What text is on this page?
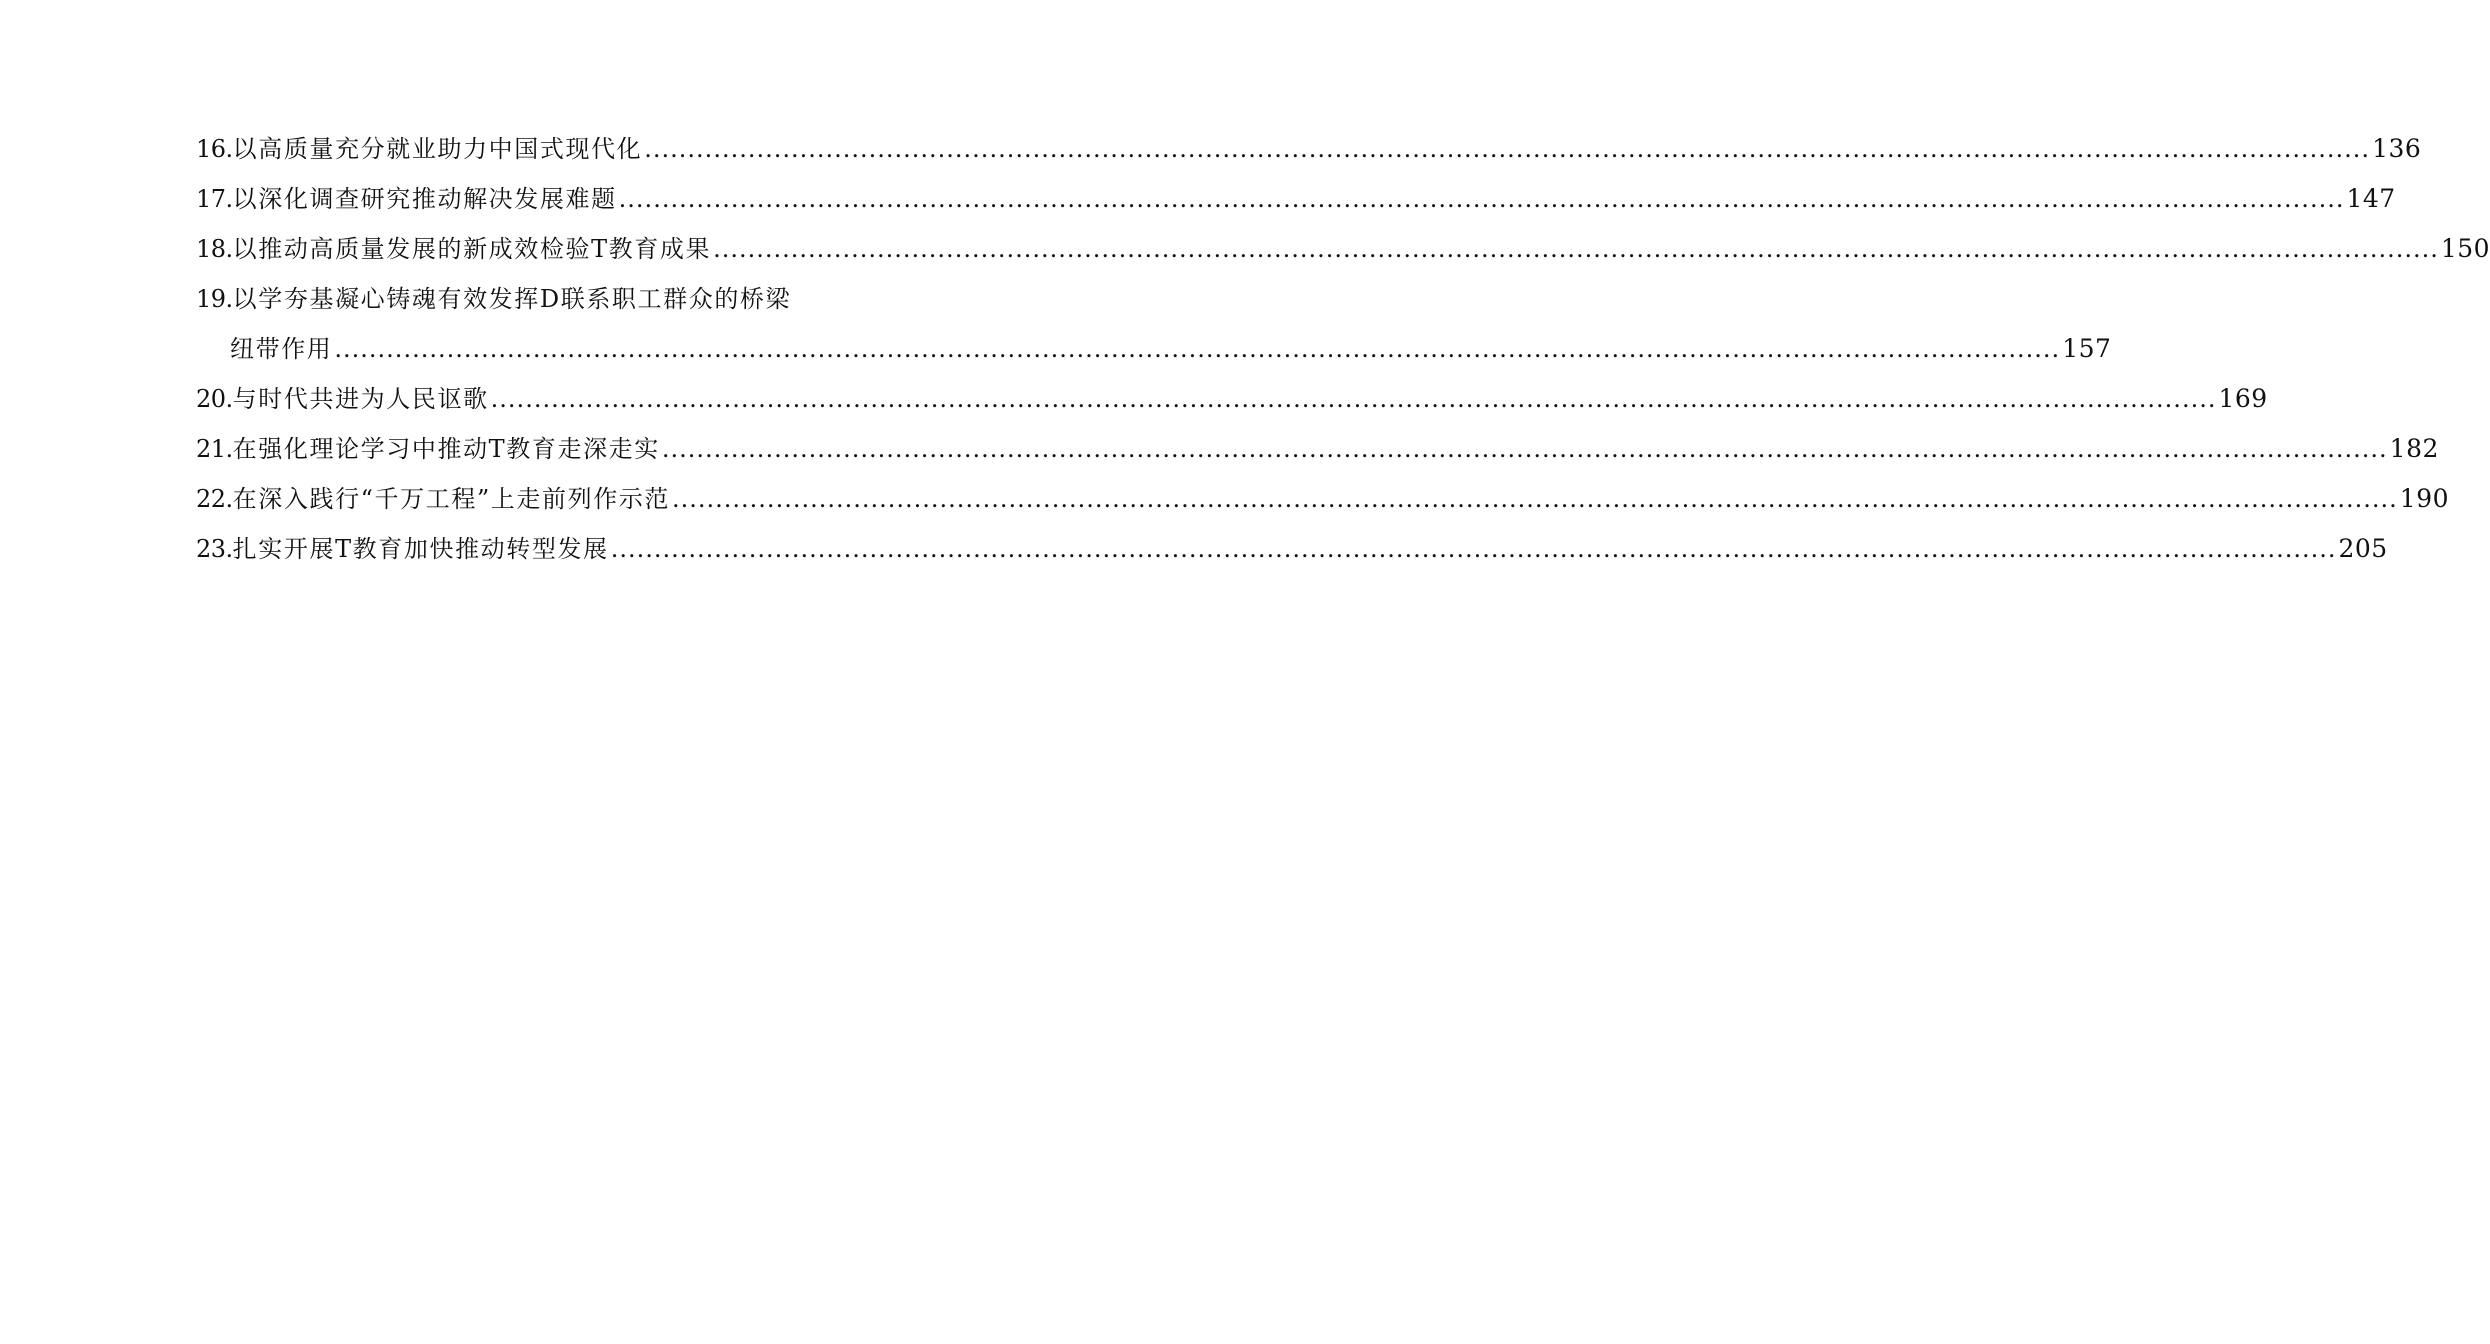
16. 以高质量充分就业助力中国式现代化 ........................................................................................................................................................................................................ 136
17. 以深化调查研究推动解决发展难题 ........................................................................................................................................................................................................ 147
18. 以推动高质量发展的新成效检验T教育成果 ........................................................................................................................................................................................................ 150
19. 以学夯基凝心铸魂有效发挥D联系职工群众的桥梁
纽带作用 ........................................................................................................................................................................................................ 157
20. 与时代共进为人民讴歌 ........................................................................................................................................................................................................ 169
21. 在强化理论学习中推动T教育走深走实 ........................................................................................................................................................................................................ 182
22. 在深入践行“千万工程”上走前列作示范 ........................................................................................................................................................................................................ 190
23. 扎实开展T教育加快推动转型发展 ........................................................................................................................................................................................................ 205
